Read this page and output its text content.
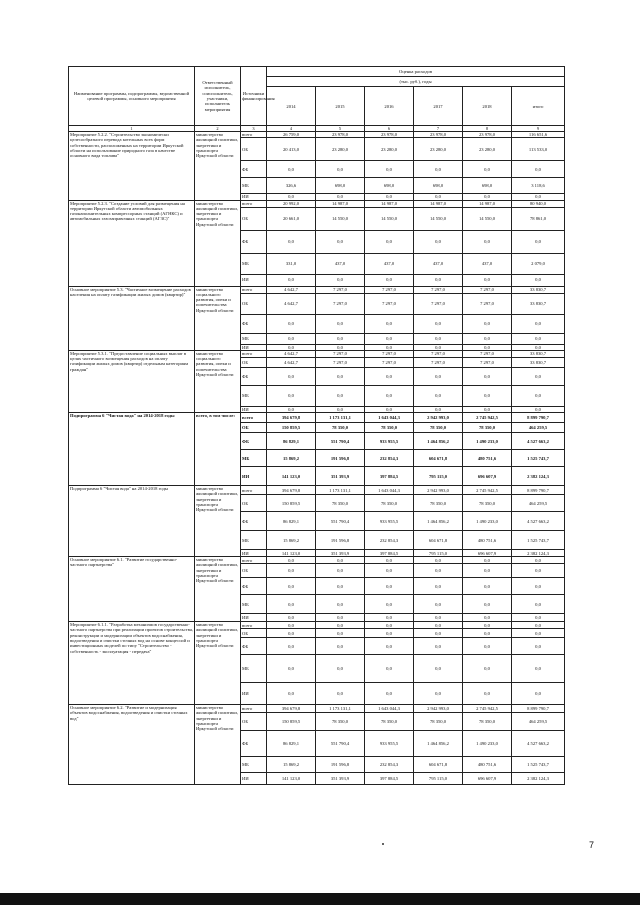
Наименование программы, подпрограммы, ведомственной целевой программы, основного мероприятия	Ответственный исполнитель, соисполнитель, участники, исполнитель мероприятия	Источники финансирования	Оценка расходов					
			(тыс. руб.), годы					
			2014	2015	2016	2017	2018	итого
1	2	3	4	5	6	7	8	9
Мероприятие 5.2.2. "Строительство экономически целесообразного перевода котельных всех форм собственности, расположенных на территории Иркутской области на использование природного газа в качестве основного вида топлива"	министерство жилищной политики, энергетики и транспорта Иркутской области	всего	26 759,0	23 978,0	23 978,0	23 978,0	23 978,0	116 651,6
		ОБ	20 413,0	23 280,0	23 280,0	23 280,0	23 280,0	113 533,0
		ФБ	0,0	0,0	0,0	0,0	0,0	0,0
		МБ	326,6	698,0	698,0	698,0	698,0	3 118,6
		ИИ	0,0	0,0	0,0	0,0	0,0	0,0
Мероприятие 5.2.3. "Создание условий для размещения на территории Иркутской области автомобильных газонаполнительных компрессорных станций (АГНКС) и автомобильных газозаправочных станций (АГЗС)"	министерство жилищной политики, энергетики и транспорта Иркутской области	всего	20 992,0	14 987,0	14 987,0	14 987,0	14 987,0	80 940,0
		ОБ	20 661,0	14 550,0	14 550,0	14 550,0	14 550,0	78 861,0
		ФБ	0,0	0,0	0,0	0,0	0,0	0,0
		МБ	331,0	437,0	437,0	437,0	437,0	2 079,0
		ИИ	0,0	0,0	0,0	0,0	0,0	0,0
Основное мероприятие 5.3. "Частичное возмещение расходов населения на оплату газификации жилых домов (квартир)"	министерство социального развития, опеки и попечительства Иркутской области	всего	4 642,7	7 297,0	7 297,0	7 297,0	7 297,0	33 830,7
		ОБ	4 642,7	7 297,0	7 297,0	7 297,0	7 297,0	33 830,7
		ФБ	0,0	0,0	0,0	0,0	0,0	0,0
		МБ	0,0	0,0	0,0	0,0	0,0	0,0
		ИИ	0,0	0,0	0,0	0,0	0,0	0,0
Мероприятие 5.3.1. "Предоставление социальных выплат в целях частичного возмещения расходов на оплату газификации жилых домов (квартир) отдельным категориям граждан"	министерство социального развития, опеки и попечительства Иркутской области	всего	4 642,7	7 297,0	7 297,0	7 297,0	7 297,0	33 830,7
		ОБ	4 642,7	7 297,0	7 297,0	7 297,0	7 297,0	33 830,7
		ФБ	0,0	0,0	0,0	0,0	0,0	0,0
		МБ	0,0	0,0	0,0	0,0	0,0	0,0
		ИИ	0,0	0,0	0,0	0,0	0,0	0,0
Подпрограмма 6 "Чистая вода" на 2014-2018 годы	всего, в том числе:	всего	394 679,8	1 173 131,1	1 643 044,3	2 942 993,0	2 745 942,5	8 899 790,7
		ОБ	150 859,5	78 350,0	78 350,0	78 350,0	78 350,0	464 259,5
		ФБ	86 829,1	551 790,4	933 955,5	1 464 856,2	1 490 233,0	4 527 663,2
		МБ	15 869,2	191 596,8	232 854,3	604 671,8	480 751,6	1 525 743,7
		ИИ	141 123,0	351 393,9	397 884,5	795 115,0	696 607,9	2 382 124,3
Подпрограмма 6 "Чистая вода" на 2014-2018 годы	министерство жилищной политики, энергетики и транспорта Иркутской области	всего	394 679,8	1 173 131,1	1 643 044,3	2 942 993,0	2 745 942,5	8 899 790,7
		ОБ	150 859,5	78 350,0	78 350,0	78 350,0	78 350,0	464 259,5
		ФБ	86 829,1	551 790,4	933 955,5	1 464 856,2	1 490 233,0	4 527 663,2
		МБ	15 869,2	191 596,8	232 854,3	604 671,8	480 751,6	1 525 743,7
		ИИ	141 123,0	351 393,9	397 884,5	795 115,0	696 607,9	2 382 124,3
Основное мероприятие 6.1. "Развитие государственно-частного партнерства"	министерство жилищной политики, энергетики и транспорта Иркутской области	всего	0,0	0,0	0,0	0,0	0,0	0,0
		ОБ	0,0	0,0	0,0	0,0	0,0	0,0
		ФБ	0,0	0,0	0,0	0,0	0,0	0,0
		МБ	0,0	0,0	0,0	0,0	0,0	0,0
		ИИ	0,0	0,0	0,0	0,0	0,0	0,0
Мероприятие 6.1.1. "Разработка механизмов государственно-частного партнерства при реализации проектов строительства, реконструкции и модернизации объектов водоснабжения, водоотведения и очистки сточных вод на основе концессий и инвестиционных моделей по типу "Строительство - собственность - эксплуатация - передача"	министерство жилищной политики, энергетики и транспорта Иркутской области	всего	0,0	0,0	0,0	0,0	0,0	0,0
		ОБ	0,0	0,0	0,0	0,0	0,0	0,0
		ФБ	0,0	0,0	0,0	0,0	0,0	0,0
		МБ	0,0	0,0	0,0	0,0	0,0	0,0
		ИИ	0,0	0,0	0,0	0,0	0,0	0,0
Основное мероприятие 6.2. "Развитие и модернизация объектов водоснабжения, водоотведения и очистки сточных вод"	министерство жилищной политики, энергетики и транспорта Иркутской области	всего	394 679,8	1 173 131,1	1 643 044,3	2 942 993,0	2 745 942,5	8 899 790,7
		ОБ	150 859,5	78 350,0	78 350,0	78 350,0	78 350,0	464 259,5
		ФБ	86 829,1	551 790,4	933 955,5	1 464 856,2	1 490 233,0	4 527 663,2
		МБ	15 869,2	191 596,8	232 854,3	604 671,8	480 751,6	1 525 743,7
		ИИ	141 123,0	351 393,9	397 884,5	795 115,0	696 607,9	2 382 124,3
7
